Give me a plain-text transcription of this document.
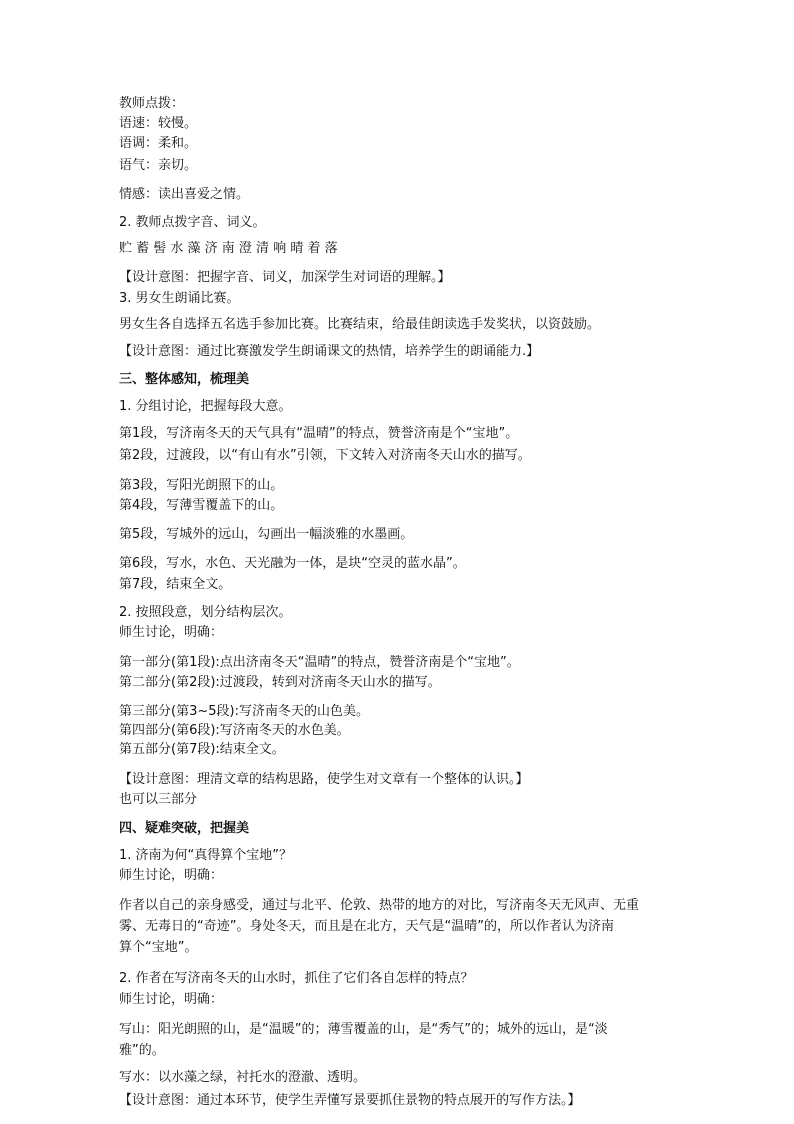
教师点拨：
语速：较慢。
语调：柔和。
语气：亲切。
情感：读出喜爱之情。
2. 教师点拨字音、词义。
贮 蓄 髻 水 藻 济 南 澄 清 响 晴 着 落
【设计意图：把握字音、词义，加深学生对词语的理解。】
3. 男女生朗诵比赛。
男女生各自选择五名选手参加比赛。比赛结束，给最佳朗读选手发奖状，以资鼓励。
【设计意图：通过比赛激发学生朗诵课文的热情，培养学生的朗诵能力.】
三、整体感知，梳理美
1. 分组讨论，把握每段大意。
第1段，写济南冬天的天气具有“温晴”的特点，赞誉济南是个“宝地”。
第2段，过渡段，以“有山有水”引领，下文转入对济南冬天山水的描写。
第3段，写阳光朗照下的山。
第4段，写薄雪覆盖下的山。
第5段，写城外的远山，勾画出一幅淡雅的水墨画。
第6段，写水，水色、天光融为一体，是块“空灵的蓝水晶”。
第7段，结束全文。
2. 按照段意，划分结构层次。
师生讨论，明确：
第一部分(第1段):点出济南冬天“温晴”的特点，赞誉济南是个“宝地”。
第二部分(第2段):过渡段，转到对济南冬天山水的描写。
第三部分(第3~5段):写济南冬天的山色美。
第四部分(第6段):写济南冬天的水色美。
第五部分(第7段):结束全文。
【设计意图：理清文章的结构思路，使学生对文章有一个整体的认识。】
也可以三部分
四、疑难突破，把握美
1. 济南为何“真得算个宝地”？
师生讨论，明确：
作者以自己的亲身感受，通过与北平、伦敦、热带的地方的对比，写济南冬天无风声、无重
雾、无毒日的“奇迹”。身处冬天，而且是在北方，天气是“温晴”的，所以作者认为济南
算个“宝地”。
2. 作者在写济南冬天的山水时，抓住了它们各自怎样的特点？
师生讨论，明确：
写山：阳光朗照的山，是“温暖”的；薄雪覆盖的山，是“秀气”的；城外的远山，是“淡
雅”的。
写水：以水藻之绿，衬托水的澄澈、透明。
【设计意图：通过本环节，使学生弄懂写景要抓住景物的特点展开的写作方法。】
